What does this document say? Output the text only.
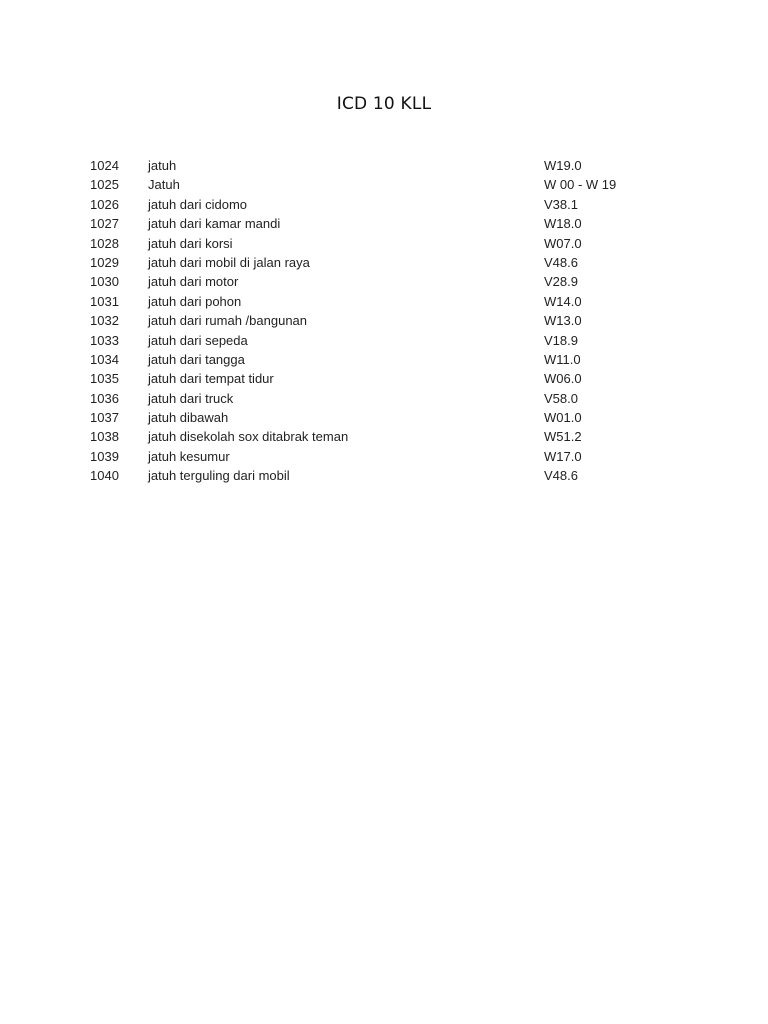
ICD 10 KLL
1024 jatuh	W19.0
1025 Jatuh	W 00 - W 19
1026 jatuh dari cidomo	V38.1
1027 jatuh dari kamar mandi	W18.0
1028 jatuh dari korsi	W07.0
1029 jatuh dari mobil di jalan raya	V48.6
1030 jatuh dari motor	V28.9
1031 jatuh dari pohon	W14.0
1032 jatuh dari rumah /bangunan	W13.0
1033 jatuh dari sepeda	V18.9
1034 jatuh dari tangga	W11.0
1035 jatuh dari tempat tidur	W06.0
1036 jatuh dari truck	V58.0
1037 jatuh dibawah	W01.0
1038 jatuh disekolah sox ditabrak teman	W51.2
1039 jatuh kesumur	W17.0
1040 jatuh terguling dari mobil	V48.6
